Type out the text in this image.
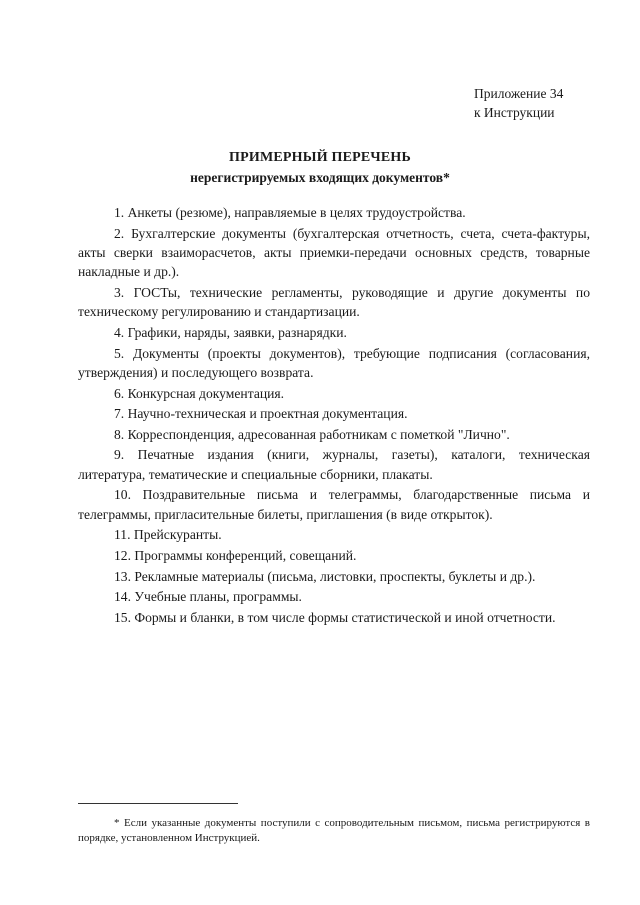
Приложение 34
к Инструкции
ПРИМЕРНЫЙ ПЕРЕЧЕНЬ
нерегистрируемых входящих документов*

1. Анкеты (резюме), направляемые в целях трудоустройства.

2. Бухгалтерские документы (бухгалтерская отчетность, счета, счета-фактуры, акты сверки взаиморасчетов, акты приемки-передачи основных средств, товарные накладные и др.).

3. ГОСТы, технические регламенты, руководящие и другие документы по техническому регулированию и стандартизации.

4. Графики, наряды, заявки, разнарядки.

5. Документы (проекты документов), требующие подписания (согласования, утверждения) и последующего возврата.

6. Конкурсная документация.

7. Научно-техническая и проектная документация.

8. Корреспонденция, адресованная работникам с пометкой "Лично".

9. Печатные издания (книги, журналы, газеты), каталоги, техническая литература, тематические и специальные сборники, плакаты.

10. Поздравительные письма и телеграммы, благодарственные письма и телеграммы, пригласительные билеты, приглашения (в виде открыток).

11. Прейскуранты.

12. Программы конференций, совещаний.

13. Рекламные материалы (письма, листовки, проспекты, буклеты и др.).

14. Учебные планы, программы.

15. Формы и бланки, в том числе формы статистической и иной отчетности.

* Если указанные документы поступили с сопроводительным письмом, письма регистрируются в порядке, установленном Инструкцией.
